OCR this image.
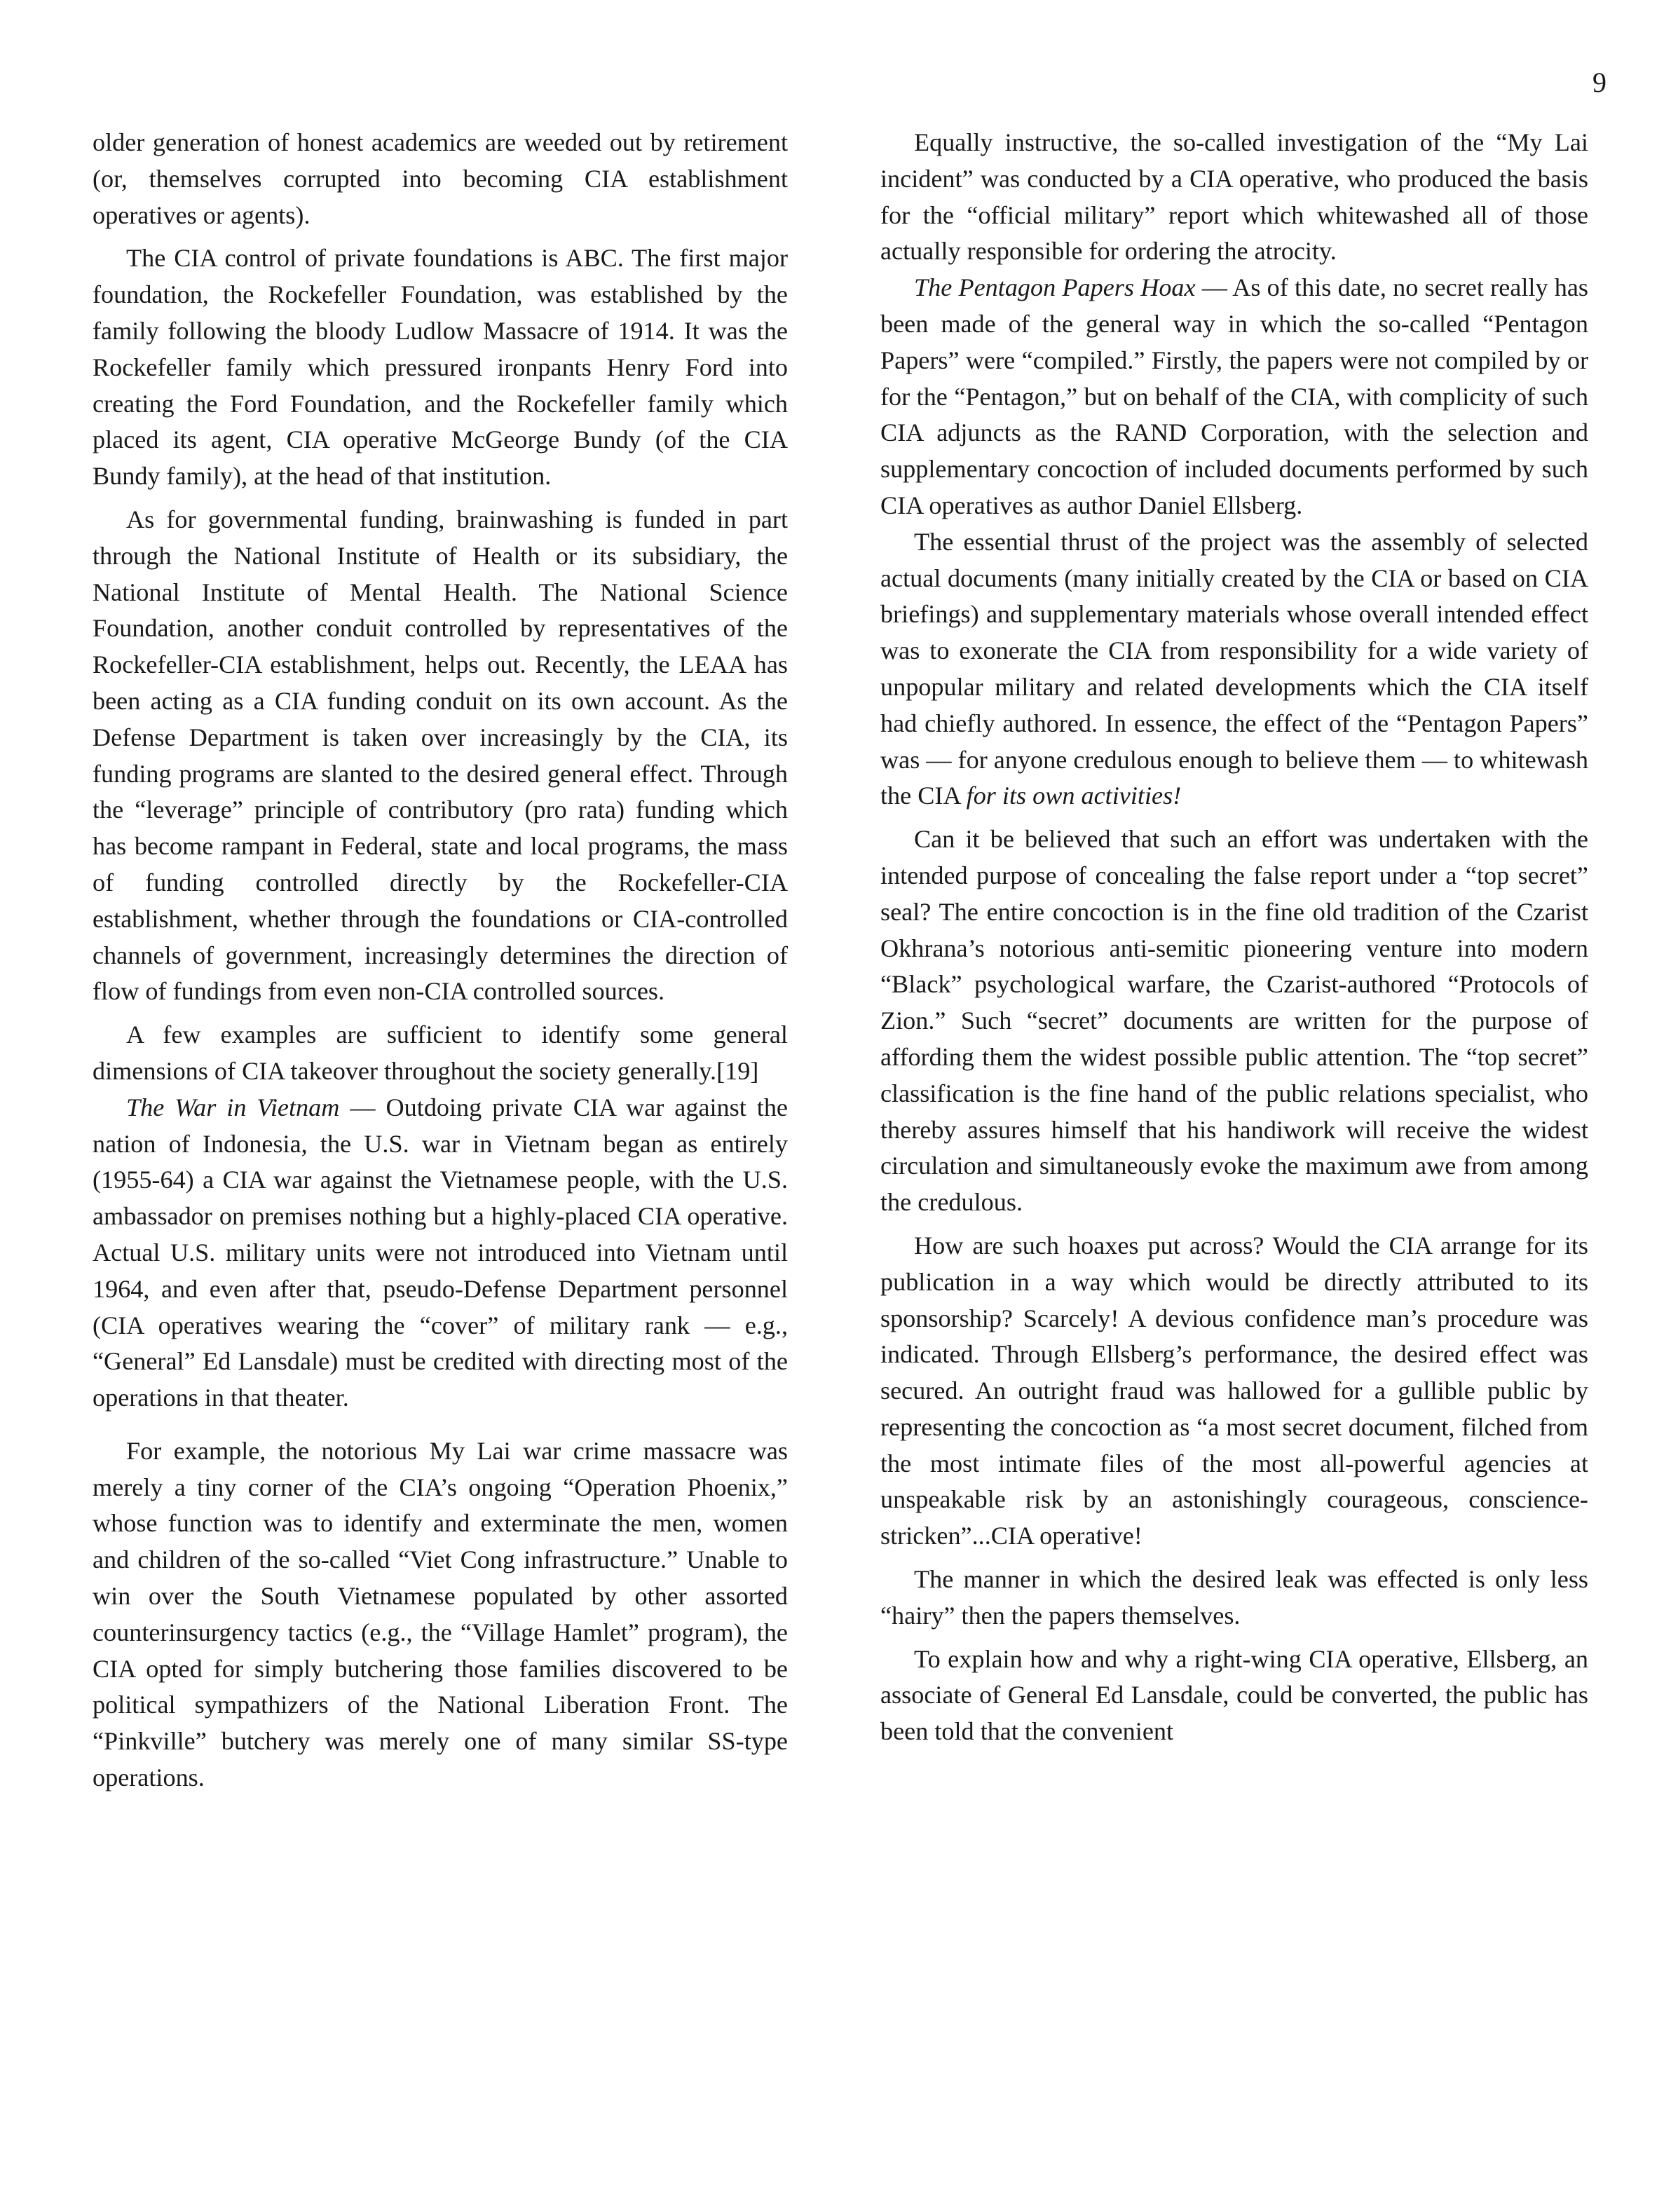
9

older generation of honest academics are weeded out by retirement (or, themselves corrupted into becoming CIA establishment operatives or agents).

The CIA control of private foundations is ABC. The first major foundation, the Rockefeller Foundation, was established by the family following the bloody Ludlow Massacre of 1914. It was the Rockefeller family which pressured ironpants Henry Ford into creating the Ford Foundation, and the Rockefeller family which placed its agent, CIA operative McGeorge Bundy (of the CIA Bundy family), at the head of that institution.

As for governmental funding, brainwashing is funded in part through the National Institute of Health or its subsidiary, the National Institute of Mental Health. The National Science Foundation, another conduit controlled by representatives of the Rockefeller-CIA establishment, helps out. Recently, the LEAA has been acting as a CIA funding conduit on its own account. As the Defense Department is taken over increasingly by the CIA, its funding programs are slanted to the desired general effect. Through the “leverage” principle of contributory (pro rata) funding which has become rampant in Federal, state and local programs, the mass of funding controlled directly by the Rockefeller-CIA establishment, whether through the foundations or CIA-controlled channels of government, increasingly determines the direction of flow of fundings from even non-CIA controlled sources.

A few examples are sufficient to identify some general dimensions of CIA takeover throughout the society generally.[19]

The War in Vietnam — Outdoing private CIA war against the nation of Indonesia, the U.S. war in Vietnam began as entirely (1955-64) a CIA war against the Vietnamese people, with the U.S. ambassador on premises nothing but a highly-placed CIA operative. Actual U.S. military units were not introduced into Vietnam until 1964, and even after that, pseudo-Defense Department personnel (CIA operatives wearing the “cover” of military rank — e.g., “General” Ed Lansdale) must be credited with directing most of the operations in that theater.

For example, the notorious My Lai war crime massacre was merely a tiny corner of the CIA’s ongoing “Operation Phoenix,” whose function was to identify and exterminate the men, women and children of the so-called “Viet Cong infrastructure.” Unable to win over the South Vietnamese populated by other assorted counterinsurgency tactics (e.g., the “Village Hamlet” program), the CIA opted for simply butchering those families discovered to be political sympathizers of the National Liberation Front. The “Pinkville” butchery was merely one of many similar SS-type operations.

Equally instructive, the so-called investigation of the “My Lai incident” was conducted by a CIA operative, who produced the basis for the “official military” report which whitewashed all of those actually responsible for ordering the atrocity.

The Pentagon Papers Hoax — As of this date, no secret really has been made of the general way in which the so-called “Pentagon Papers” were “compiled.” Firstly, the papers were not compiled by or for the “Pentagon,” but on behalf of the CIA, with complicity of such CIA adjuncts as the RAND Corporation, with the selection and supplementary concoction of included documents performed by such CIA operatives as author Daniel Ellsberg.

The essential thrust of the project was the assembly of selected actual documents (many initially created by the CIA or based on CIA briefings) and supplementary materials whose overall intended effect was to exonerate the CIA from responsibility for a wide variety of unpopular military and related developments which the CIA itself had chiefly authored. In essence, the effect of the “Pentagon Papers” was — for anyone credulous enough to believe them — to whitewash the CIA for its own activities!

Can it be believed that such an effort was undertaken with the intended purpose of concealing the false report under a “top secret” seal? The entire concoction is in the fine old tradition of the Czarist Okhrana’s notorious anti-semitic pioneering venture into modern “Black” psychological warfare, the Czarist-authored “Protocols of Zion.” Such “secret” documents are written for the purpose of affording them the widest possible public attention. The “top secret” classification is the fine hand of the public relations specialist, who thereby assures himself that his handiwork will receive the widest circulation and simultaneously evoke the maximum awe from among the credulous.

How are such hoaxes put across? Would the CIA arrange for its publication in a way which would be directly attributed to its sponsorship? Scarcely! A devious confidence man’s procedure was indicated. Through Ellsberg’s performance, the desired effect was secured. An outright fraud was hallowed for a gullible public by representing the concoction as “a most secret document, filched from the most intimate files of the most all-powerful agencies at unspeakable risk by an astonishingly courageous, conscience-stricken”...CIA operative!

The manner in which the desired leak was effected is only less “hairy” then the papers themselves.

To explain how and why a right-wing CIA operative, Ellsberg, an associate of General Ed Lansdale, could be converted, the public has been told that the convenient
